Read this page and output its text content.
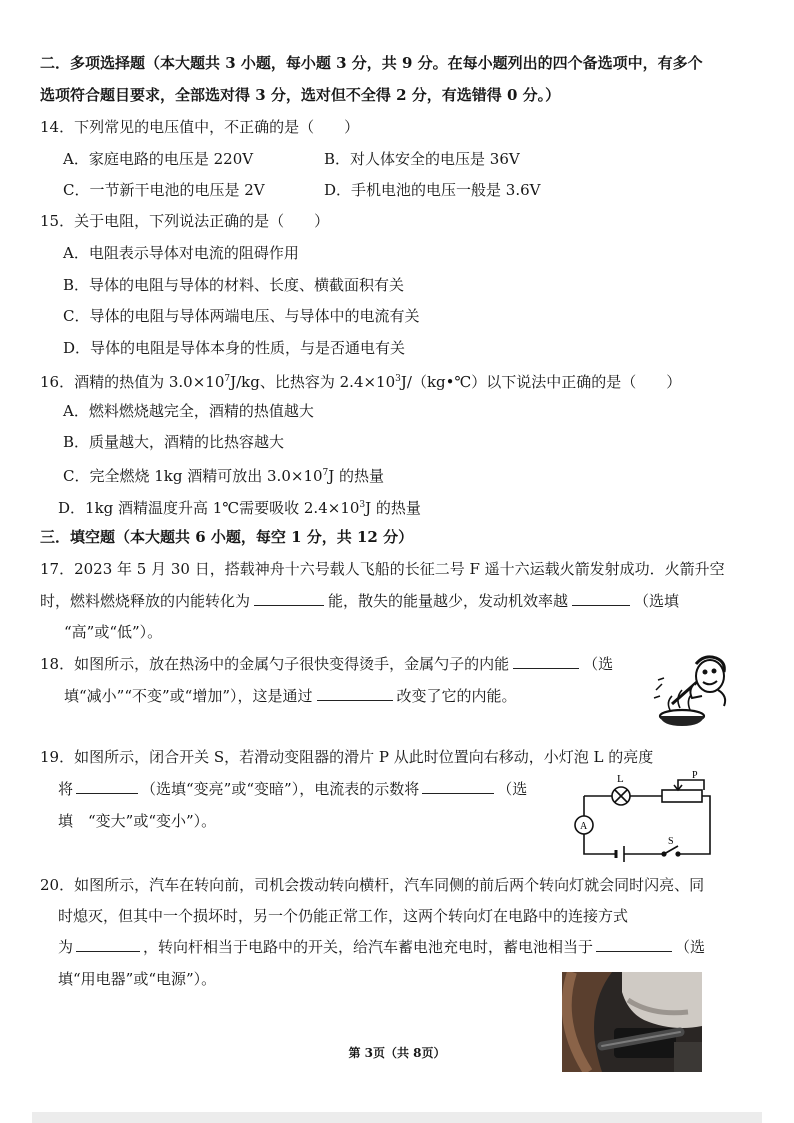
二．多项选择题（本大题共 3 小题，每小题 3 分，共 9 分。在每小题列出的四个备选项中，有多个
选项符合题目要求，全部选对得 3 分，选对但不全得 2 分，有选错得 0 分。）
14．下列常见的电压值中，不正确的是（　　）
A．家庭电路的电压是 220V	B．对人体安全的电压是 36V
C．一节新干电池的电压是 2V	D．手机电池的电压一般是 3.6V
15．关于电阻，下列说法正确的是（　　）
A．电阻表示导体对电流的阻碍作用
B．导体的电阻与导体的材料、长度、横截面积有关
C．导体的电阻与导体两端电压、与导体中的电流有关
D．导体的电阻是导体本身的性质，与是否通电有关
16．酒精的热值为 $3.0\times 10^7J/kg$、比热容为 $2.4\times 10^3J/(kg•℃)$以下说法中正确的是（　　）
A．燃料燃烧越完全，酒精的热值越大
B．质量越大，酒精的比热容越大
C．完全燃烧 1kg 酒精可放出 $3.0\times 10^7J$ 的热量
D．1kg 酒精温度升高 1℃需要吸收 $2.4\times 10^3J$ 的热量
三．填空题（本大题共 6 小题，每空 1 分，共 12 分）
17．2023 年 5 月 30 日，搭载神舟十六号载人飞船的长征二号 F 遥十六运载火箭发射成功．火箭升空
时，燃料燃烧释放的内能转化为	能，散失的能量越少，发动机效率越	（选填
“高”或“低”）。
18．如图所示，放在热汤中的金属勺子很快变得烫手，金属勺子的内能	（选
填“减小”“不变”或“增加”），这是通过	改变了它的内能。
19．如图所示，闭合开关 S，若滑动变阻器的滑片 P 从此时位置向右移动，小灯泡 L 的亮度
将	（选填“变亮”或“变暗”），电流表的示数将	（选
填　“变大”或“变小”）。
L	P
S
A
20．如图所示，汽车在转向前，司机会拨动转向横杆，汽车同侧的前后两个转向灯就会同时闪亮、同
时熄灭，但其中一个损坏时，另一个仍能正常工作，这两个转向灯在电路中的连接方式
为	，转向杆相当于电路中的开关，给汽车蓄电池充电时，蓄电池相当于	（选
填“用电器”或“电源”）。
第 3页（共 8页）
